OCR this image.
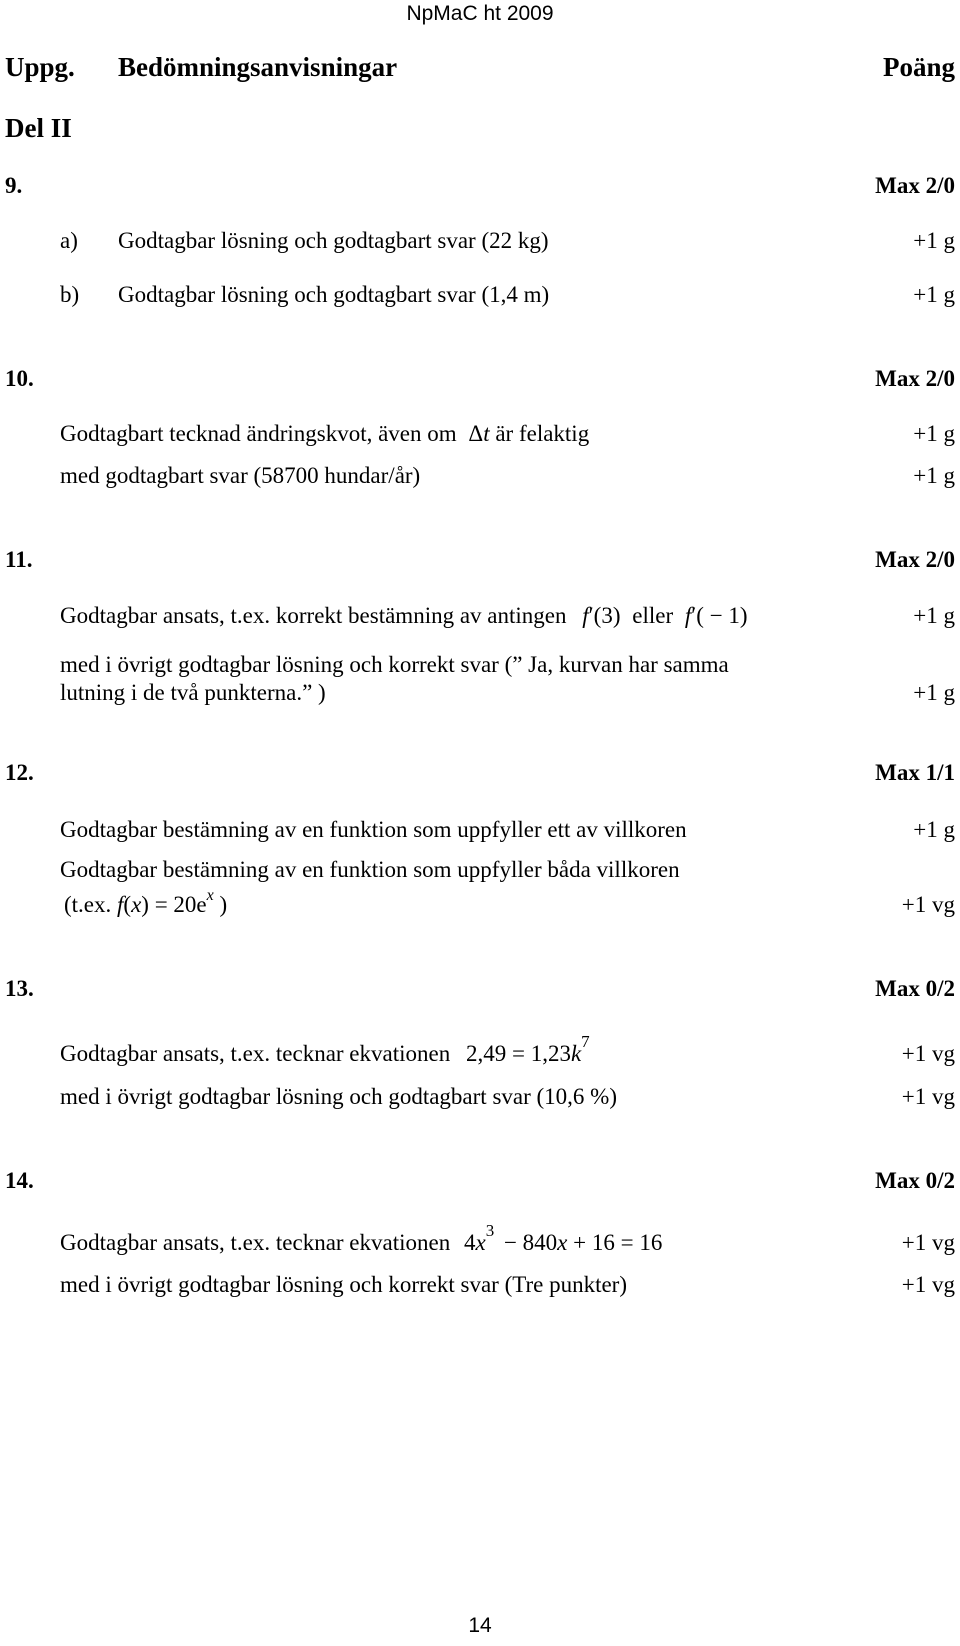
NpMaC ht 2009
Uppg. Bedömningsanvisningar	Poäng
Del II
9.	Max 2/0
a) Godtagbar lösning och godtagbart svar (22 kg)	+1 g
b) Godtagbar lösning och godtagbart svar (1,4 m)	+1 g
10.	Max 2/0
Godtagbart tecknad ändringskvot, även om Δt är felaktig	+1 g
med godtagbart svar (58700 hundar/år)	+1 g
11.	Max 2/0
Godtagbar ansats, t.ex. korrekt bestämning av antingen f′(3) eller f′( − 1)	+1 g
med i övrigt godtagbar lösning och korrekt svar (” Ja, kurvan har samma
lutning i de två punkterna.” )	+1 g
12.	Max 1/1
Godtagbar bestämning av en funktion som uppfyller ett av villkoren	+1 g
Godtagbar bestämning av en funktion som uppfyller båda villkoren
(t.ex. $f(x) = 20e^x$ )	+1 vg
13.	Max 0/2
Godtagbar ansats, t.ex. tecknar ekvationen $2,49 = 1,23k^7$	+1 vg
med i övrigt godtagbar lösning och godtagbart svar (10,6 %)	+1 vg
14.	Max 0/2
Godtagbar ansats, t.ex. tecknar ekvationen $4x^3 - 840x + 16 = 16$	+1 vg
med i övrigt godtagbar lösning och korrekt svar (Tre punkter)	+1 vg
14
